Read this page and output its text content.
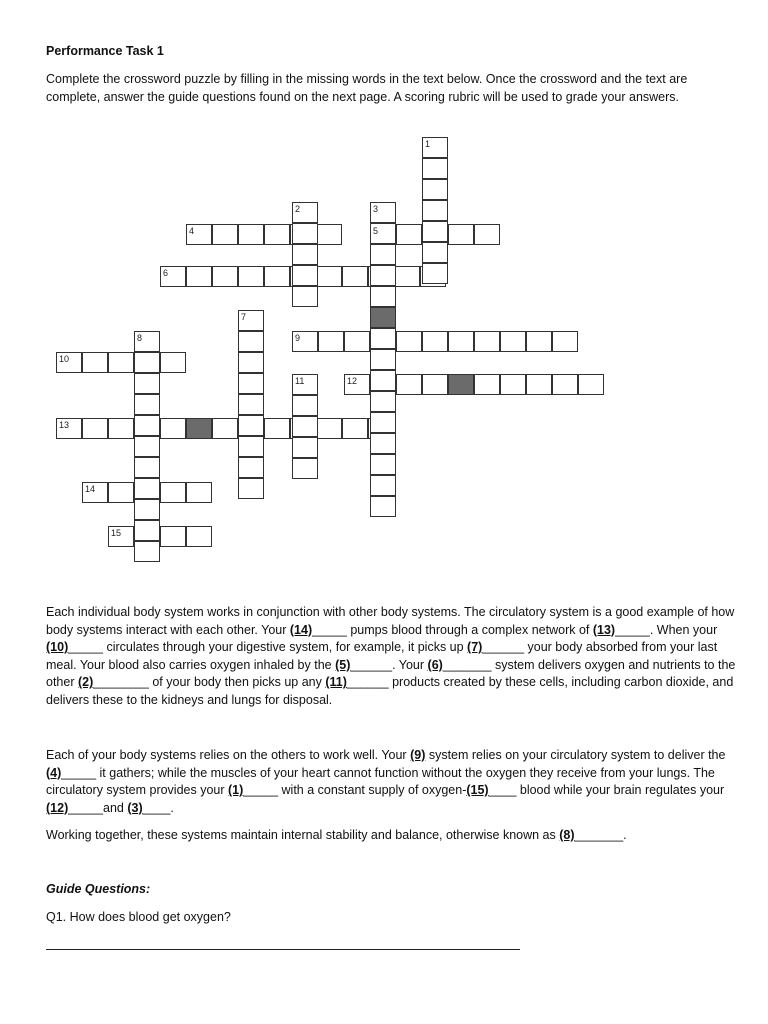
Performance Task 1
Complete the crossword puzzle by filling in the missing words in the text below. Once the crossword and the text are complete, answer the guide questions found on the next page. A scoring rubric will be used to grade your answers.
1
2	3
4	5
6
7
8	9
10
11	12
13
14
15
Each individual body system works in conjunction with other body systems. The circulatory system is a good example of how body systems interact with each other. Your (14)_____ pumps blood through a complex network of (13)_____. When your (10)_____ circulates through your digestive system, for example, it picks up (7)______ your body absorbed from your last meal. Your blood also carries oxygen inhaled by the (5)______. Your (6)_______ system delivers oxygen and nutrients to the other (2)________ of your body then picks up any (11)______ products created by these cells, including carbon dioxide, and delivers these to the kidneys and lungs for disposal.
Each of your body systems relies on the others to work well. Your (9) system relies on your circulatory system to deliver the (4)_____ it gathers; while the muscles of your heart cannot function without the oxygen they receive from your lungs. The circulatory system provides your (1)_____ with a constant supply of oxygen-(15)____ blood while your brain regulates your (12)_____and (3)____.
Working together, these systems maintain internal stability and balance, otherwise known as (8)_______.
Guide Questions:
Q1. How does blood get oxygen?
